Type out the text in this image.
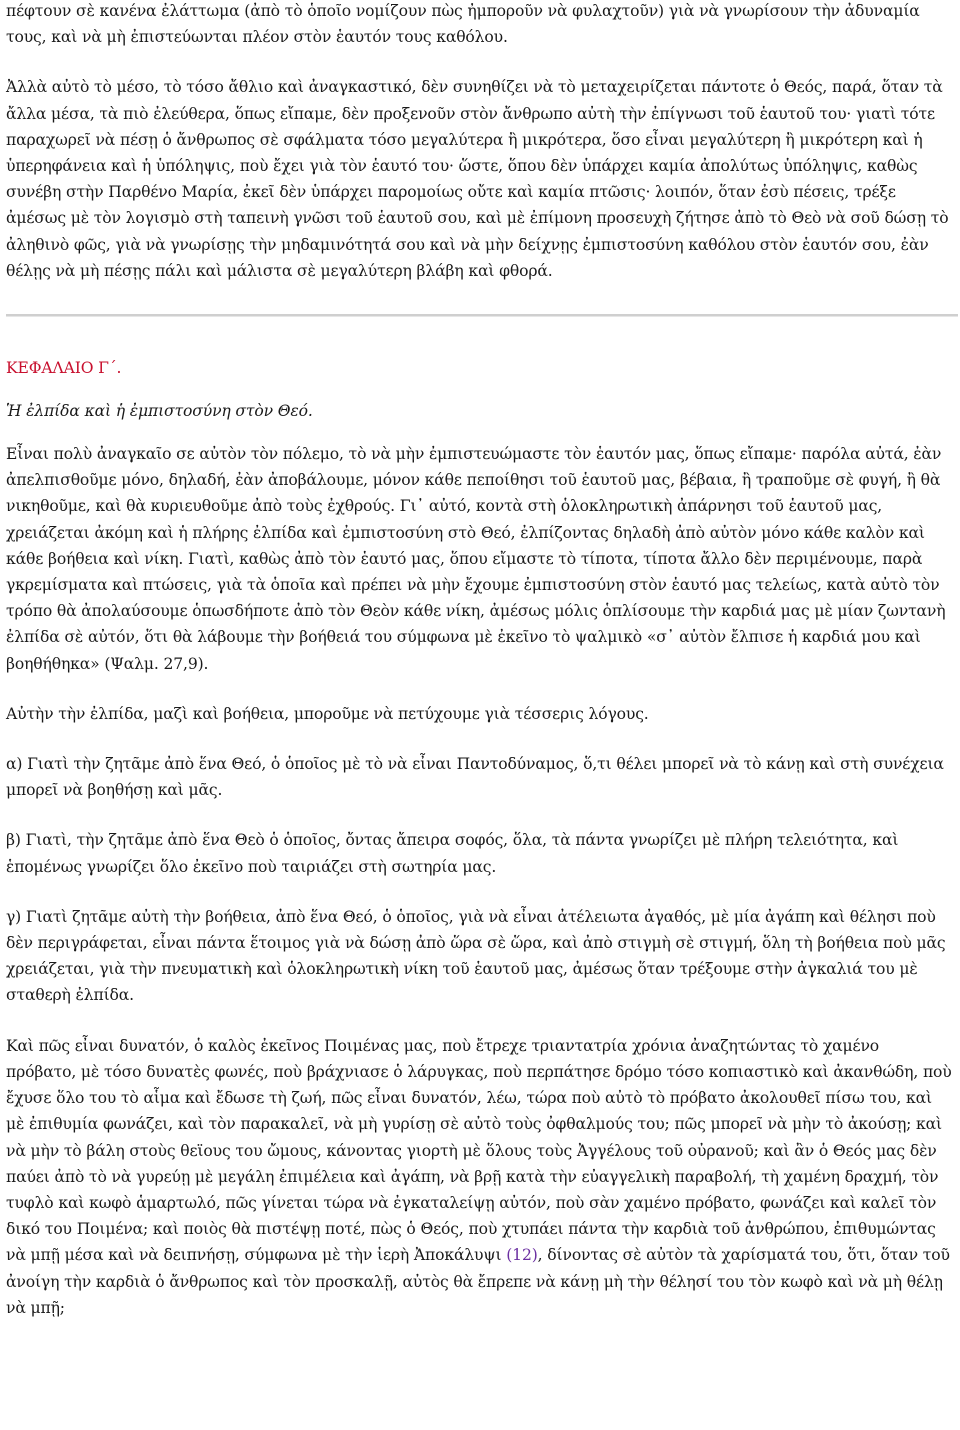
πέφτουν σὲ κανένα ἐλάττωμα (ἀπὸ τὸ ὁποῖο νομίζουν πὼς ἠμποροῦν νὰ φυλαχτοῦν) γιὰ νὰ γνωρίσουν τὴν ἀδυναμία τους, καὶ νὰ μὴ ἐπιστεύωνται πλέον στὸν ἑαυτόν τους καθόλου.

Ἀλλὰ αὐτὸ τὸ μέσο, τὸ τόσο ἄθλιο καὶ ἀναγκαστικό, δὲν συνηθίζει νὰ τὸ μεταχειρίζεται πάντοτε ὁ Θεός, παρά, ὅταν τὰ ἄλλα μέσα, τὰ πιὸ ἐλεύθερα, ὅπως εἴπαμε, δὲν προξενοῦν στὸν ἄνθρωπο αὐτὴ τὴν ἐπίγνωσι τοῦ ἑαυτοῦ του· γιατὶ τότε παραχωρεῖ νὰ πέσῃ ὁ ἄνθρωπος σὲ σφάλματα τόσο μεγαλύτερα ἢ μικρότερα, ὅσο εἶναι μεγαλύτερη ἢ μικρότερη καὶ ἡ ὑπερηφάνεια καὶ ἡ ὑπόληψις, ποὺ ἔχει γιὰ τὸν ἑαυτό του· ὥστε, ὅπου δὲν ὑπάρχει καμία ἀπολύτως ὑπόληψις, καθὼς συνέβη στὴν Παρθένο Μαρία, ἐκεῖ δὲν ὑπάρχει παρομοίως οὔτε καὶ καμία πτῶσις· λοιπόν, ὅταν ἐσὺ πέσεις, τρέξε ἀμέσως μὲ τὸν λογισμὸ στὴ ταπεινὴ γνῶσι τοῦ ἑαυτοῦ σου, καὶ μὲ ἐπίμονη προσευχὴ ζήτησε ἀπὸ τὸ Θεὸ νὰ σοῦ δώσῃ τὸ ἀληθινὸ φῶς, γιὰ νὰ γνωρίσῃς τὴν μηδαμινότητά σου καὶ νὰ μὴν δείχνῃς ἐμπιστοσύνη καθόλου στὸν ἑαυτόν σου, ἐὰν θέλῃς νὰ μὴ πέσῃς πάλι καὶ μάλιστα σὲ μεγαλύτερη βλάβη καὶ φθορά.

ΚΕΦΑΛΑΙΟ Γ΄.

Ἡ ἐλπίδα καὶ ἡ ἐμπιστοσύνη στὸν Θεό.

Εἶναι πολὺ ἀναγκαῖο σε αὐτὸν τὸν πόλεμο, τὸ νὰ μὴν ἐμπιστευώμαστε τὸν ἑαυτόν μας, ὅπως εἴπαμε· παρόλα αὐτά, ἐὰν ἀπελπισθοῦμε μόνο, δηλαδή, ἐὰν ἀποβάλουμε, μόνον κάθε πεποίθησι τοῦ ἑαυτοῦ μας, βέβαια, ἢ τραποῦμε σὲ φυγή, ἢ θὰ νικηθοῦμε, καὶ θὰ κυριευθοῦμε ἀπὸ τοὺς ἐχθρούς. Γι᾽ αὐτό, κοντὰ στὴ ὁλοκληρωτικὴ ἀπάρνησι τοῦ ἑαυτοῦ μας, χρειάζεται ἀκόμη καὶ ἡ πλήρης ἐλπίδα καὶ ἐμπιστοσύνη στὸ Θεό, ἐλπίζοντας δηλαδὴ ἀπὸ αὐτὸν μόνο κάθε καλὸν καὶ κάθε βοήθεια καὶ νίκη. Γιατὶ, καθὼς ἀπὸ τὸν ἑαυτό μας, ὅπου εἴμαστε τὸ τίποτα, τίποτα ἄλλο δὲν περιμένουμε, παρὰ γκρεμίσματα καὶ πτώσεις, γιὰ τὰ ὁποῖα καὶ πρέπει νὰ μὴν ἔχουμε ἐμπιστοσύνη στὸν ἑαυτό μας τελείως, κατὰ αὐτὸ τὸν τρόπο θὰ ἀπολαύσουμε ὁπωσδήποτε ἀπὸ τὸν Θεὸν κάθε νίκη, ἀμέσως μόλις ὁπλίσουμε τὴν καρδιά μας μὲ μίαν ζωντανὴ ἐλπίδα σὲ αὐτόν, ὅτι θὰ λάβουμε τὴν βοήθειά του σύμφωνα μὲ ἐκεῖνο τὸ ψαλμικὸ «σ᾽ αὐτὸν ἔλπισε ἡ καρδιά μου καὶ βοηθήθηκα» (Ψαλμ. 27,9).

Αὐτὴν τὴν ἐλπίδα, μαζὶ καὶ βοήθεια, μποροῦμε νὰ πετύχουμε γιὰ τέσσερις λόγους.

α) Γιατὶ τὴν ζητᾶμε ἀπὸ ἕνα Θεό, ὁ ὁποῖος μὲ τὸ νὰ εἶναι Παντοδύναμος, ὅ,τι θέλει μπορεῖ νὰ τὸ κάνῃ καὶ στὴ συνέχεια μπορεῖ νὰ βοηθήσῃ καὶ μᾶς.

β) Γιατὶ, τὴν ζητᾶμε ἀπὸ ἕνα Θεὸ ὁ ὁποῖος, ὄντας ἄπειρα σοφός, ὅλα, τὰ πάντα γνωρίζει μὲ πλήρη τελειότητα, καὶ ἑπομένως γνωρίζει ὅλο ἐκεῖνο ποὺ ταιριάζει στὴ σωτηρία μας.

γ) Γιατὶ ζητᾶμε αὐτὴ τὴν βοήθεια, ἀπὸ ἕνα Θεό, ὁ ὁποῖος, γιὰ νὰ εἶναι ἀτέλειωτα ἀγαθός, μὲ μία ἀγάπη καὶ θέλησι ποὺ δὲν περιγράφεται, εἶναι πάντα ἕτοιμος γιὰ νὰ δώσῃ ἀπὸ ὥρα σὲ ὥρα, καὶ ἀπὸ στιγμὴ σὲ στιγμή, ὅλη τὴ βοήθεια ποὺ μᾶς χρειάζεται, γιὰ τὴν πνευματικὴ καὶ ὁλοκληρωτικὴ νίκη τοῦ ἑαυτοῦ μας, ἀμέσως ὅταν τρέξουμε στὴν ἀγκαλιά του μὲ σταθερὴ ἐλπίδα.

Καὶ πῶς εἶναι δυνατόν, ὁ καλὸς ἐκεῖνος Ποιμένας μας, ποὺ ἔτρεχε τριαντατρία χρόνια ἀναζητώντας τὸ χαμένο πρόβατο, μὲ τόσο δυνατὲς φωνές, ποὺ βράχνιασε ὁ λάρυγκας, ποὺ περπάτησε δρόμο τόσο κοπιαστικὸ καὶ ἀκανθώδη, ποὺ ἔχυσε ὅλο του τὸ αἷμα καὶ ἔδωσε τὴ ζωή, πῶς εἶναι δυνατόν, λέω, τώρα ποὺ αὐτὸ τὸ πρόβατο ἀκολουθεῖ πίσω του, καὶ μὲ ἐπιθυμία φωνάζει, καὶ τὸν παρακαλεῖ, νὰ μὴ γυρίσῃ σὲ αὐτὸ τοὺς ὀφθαλμούς του; πῶς μπορεῖ νὰ μὴν τὸ ἀκούσῃ; καὶ νὰ μὴν τὸ βάλη στοὺς θεϊους του ὤμους, κάνοντας γιορτὴ μὲ ὅλους τοὺς Ἀγγέλους τοῦ οὐρανοῦ; καὶ ἂν ὁ Θεός μας δὲν παύει ἀπὸ τὸ νὰ γυρεύῃ μὲ μεγάλη ἐπιμέλεια καὶ ἀγάπη, νὰ βρῇ κατὰ τὴν εὐαγγελικὴ παραβολή, τὴ χαμένη δραχμή, τὸν τυφλὸ καὶ κωφὸ ἁμαρτωλό, πῶς γίνεται τώρα νὰ ἐγκαταλείψῃ αὐτόν, ποὺ σὰν χαμένο πρόβατο, φωνάζει καὶ καλεῖ τὸν δικό του Ποιμένα; καὶ ποιὸς θὰ πιστέψῃ ποτέ, πὼς ὁ Θεός, ποὺ χτυπάει πάντα τὴν καρδιὰ τοῦ ἀνθρώπου, ἐπιθυμώντας νὰ μπῇ μέσα καὶ νὰ δειπνήσῃ, σύμφωνα μὲ τὴν ἱερὴ Ἀποκάλυψι (12), δίνοντας σὲ αὐτὸν τὰ χαρίσματά του, ὅτι, ὅταν τοῦ ἀνοίγη τὴν καρδιὰ ὁ ἄνθρωπος καὶ τὸν προσκαλῇ, αὐτὸς θὰ ἔπρεπε νὰ κάνῃ μὴ τὴν θέλησί του τὸν κωφὸ καὶ νὰ μὴ θέλῃ νὰ μπῇ;
